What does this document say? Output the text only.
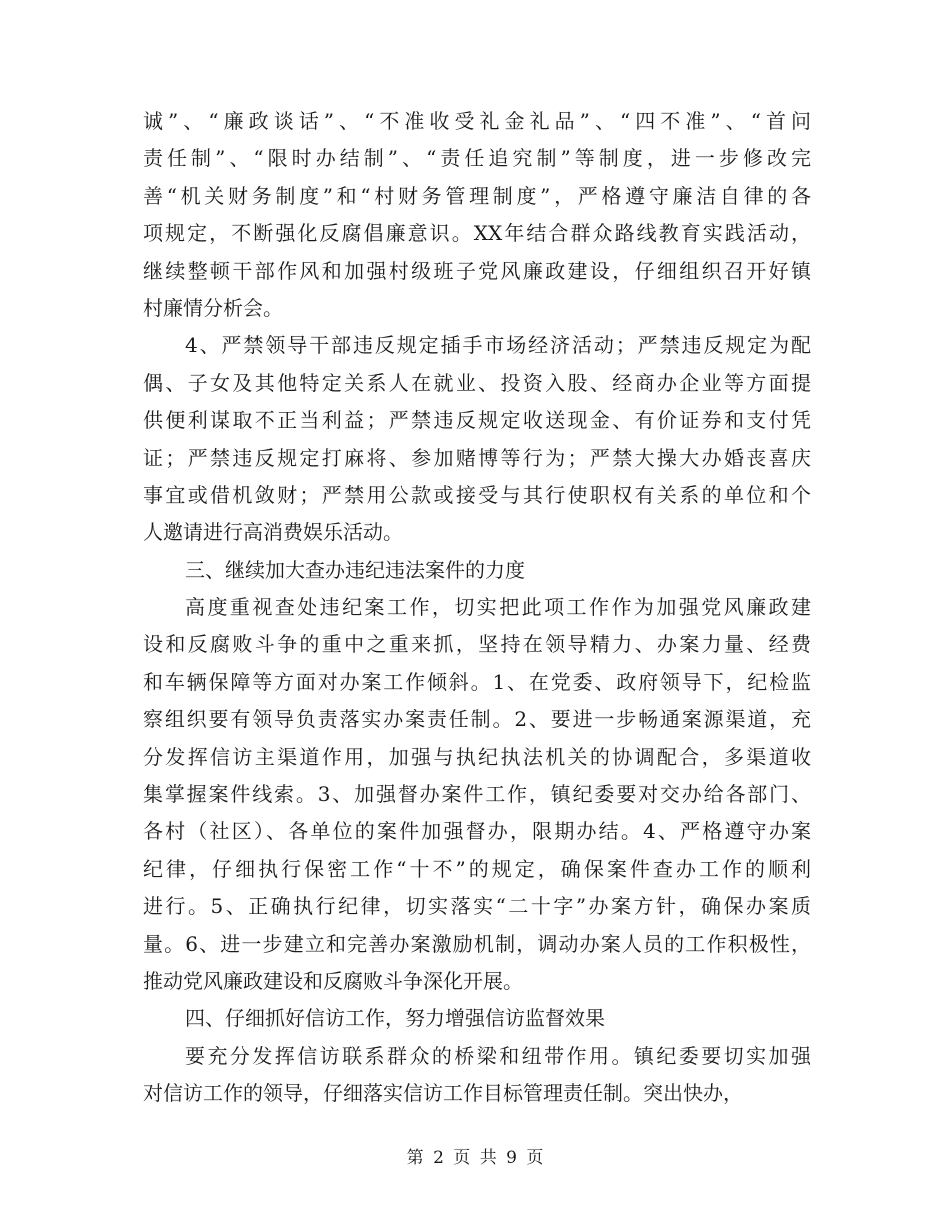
诚”、“廉政谈话”、“不准收受礼金礼品”、“四不准”、“首问
责任制”、“限时办结制”、“责任追究制”等制度，进一步修改完
善“机关财务制度”和“村财务管理制度”，严格遵守廉洁自律的各
项规定，不断强化反腐倡廉意识。XX年结合群众路线教育实践活动，
继续整顿干部作风和加强村级班子党风廉政建设，仔细组织召开好镇
村廉情分析会。
4、严禁领导干部违反规定插手市场经济活动；严禁违反规定为配
偶、子女及其他特定关系人在就业、投资入股、经商办企业等方面提
供便利谋取不正当利益；严禁违反规定收送现金、有价证券和支付凭
证；严禁违反规定打麻将、参加赌博等行为；严禁大操大办婚丧喜庆
事宜或借机敛财；严禁用公款或接受与其行使职权有关系的单位和个
人邀请进行高消费娱乐活动。
三、继续加大查办违纪违法案件的力度
高度重视查处违纪案工作，切实把此项工作作为加强党风廉政建
设和反腐败斗争的重中之重来抓，坚持在领导精力、办案力量、经费
和车辆保障等方面对办案工作倾斜。1、在党委、政府领导下，纪检监
察组织要有领导负责落实办案责任制。2、要进一步畅通案源渠道，充
分发挥信访主渠道作用，加强与执纪执法机关的协调配合，多渠道收
集掌握案件线索。3、加强督办案件工作，镇纪委要对交办给各部门、
各村（社区）、各单位的案件加强督办，限期办结。4、严格遵守办案
纪律，仔细执行保密工作“十不”的规定，确保案件查办工作的顺利
进行。5、正确执行纪律，切实落实“二十字”办案方针，确保办案质
量。6、进一步建立和完善办案激励机制，调动办案人员的工作积极性，
推动党风廉政建设和反腐败斗争深化开展。
四、仔细抓好信访工作，努力增强信访监督效果
要充分发挥信访联系群众的桥梁和纽带作用。镇纪委要切实加强
对信访工作的领导，仔细落实信访工作目标管理责任制。突出快办，
第 2 页 共 9 页
